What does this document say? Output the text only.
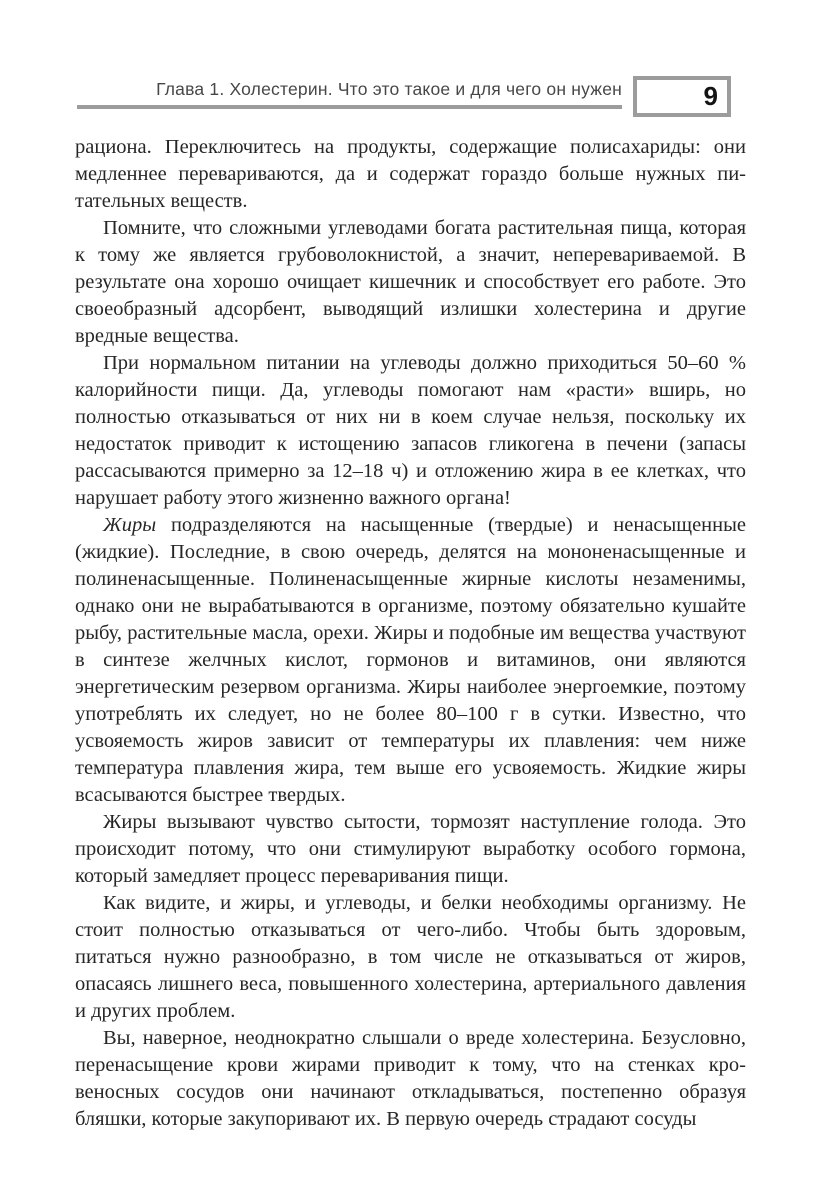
Глава 1. Холестерин. Что это такое и для чего он нужен	9

рациона. Переключитесь на продукты, содержащие полисахариды: они медленнее перевариваются, да и содержат гораздо больше нужных питательных веществ.

Помните, что сложными углеводами богата растительная пища, которая к тому же является грубоволокнистой, а значит, неперевариваемой. В результате она хорошо очищает кишечник и способствует его работе. Это своеобразный адсорбент, выводящий излишки холестерина и другие вредные вещества.

При нормальном питании на углеводы должно приходиться 50–60 % калорийности пищи. Да, углеводы помогают нам «расти» вширь, но полностью отказываться от них ни в коем случае нельзя, поскольку их недостаток приводит к истощению запасов гликогена в печени (запасы рассасываются примерно за 12–18 ч) и отложению жира в ее клетках, что нарушает работу этого жизненно важного органа!

Жиры подразделяются на насыщенные (твердые) и ненасыщенные (жидкие). Последние, в свою очередь, делятся на мононенасыщенные и полиненасыщенные. Полиненасыщенные жирные кислоты незаменимы, однако они не вырабатываются в организме, поэтому обязательно кушайте рыбу, растительные масла, орехи. Жиры и подобные им вещества участвуют в синтезе желчных кислот, гормонов и витаминов, они являются энергетическим резервом организма. Жиры наиболее энергоемкие, поэтому употреблять их следует, но не более 80–100 г в сутки. Известно, что усвояемость жиров зависит от температуры их плавления: чем ниже температура плавления жира, тем выше его усвояемость. Жидкие жиры всасываются быстрее твердых.

Жиры вызывают чувство сытости, тормозят наступление голода. Это происходит потому, что они стимулируют выработку особого гормона, который замедляет процесс переваривания пищи.

Как видите, и жиры, и углеводы, и белки необходимы организму. Не стоит полностью отказываться от чего-либо. Чтобы быть здоровым, питаться нужно разнообразно, в том числе не отказываться от жиров, опасаясь лишнего веса, повышенного холестерина, артериального давления и других проблем.

Вы, наверное, неоднократно слышали о вреде холестерина. Безусловно, перенасыщение крови жирами приводит к тому, что на стенках кровеносных сосудов они начинают откладываться, постепенно образуя бляшки, которые закупоривают их. В первую очередь страдают сосуды
